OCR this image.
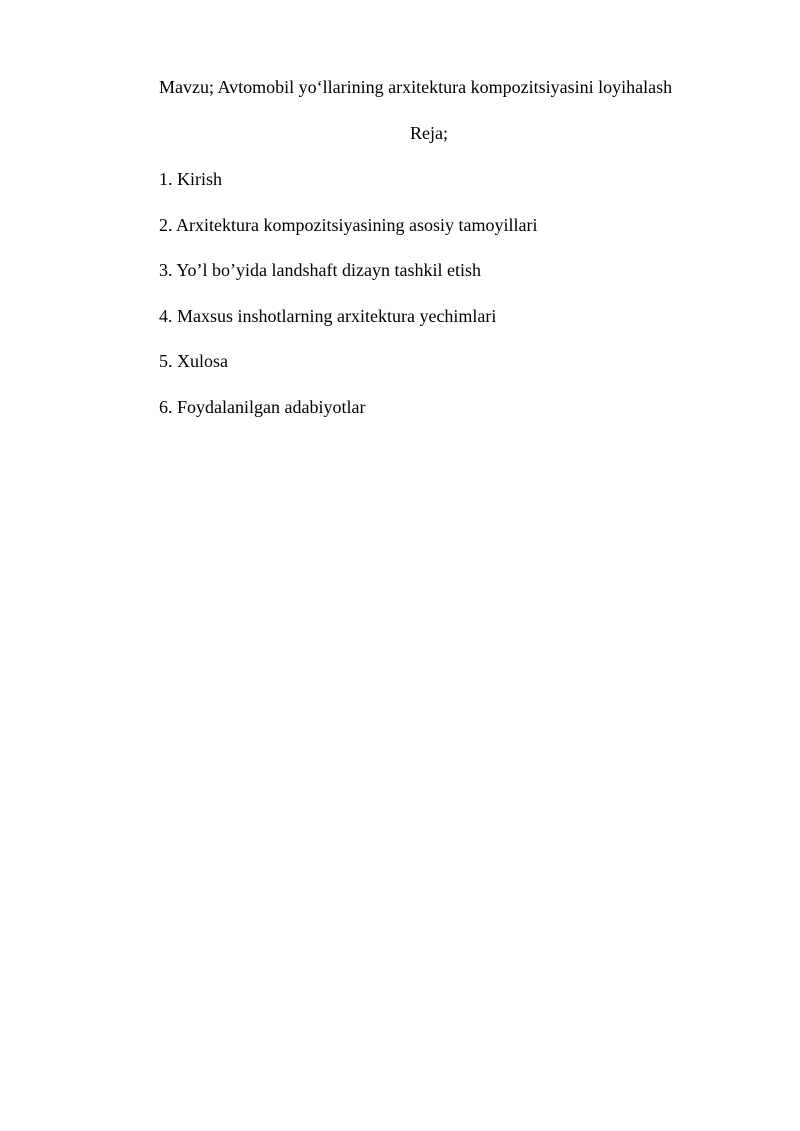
Mavzu; Avtomobil yo‘llarining arxitektura kompozitsiyasini loyihalash
Reja;
1. Kirish
2. Arxitektura kompozitsiyasining asosiy tamoyillari
3. Yo’l bo’yida landshaft dizayn tashkil etish
4. Maxsus inshotlarning arxitektura yechimlari
5. Xulosa
6. Foydalanilgan adabiyotlar
